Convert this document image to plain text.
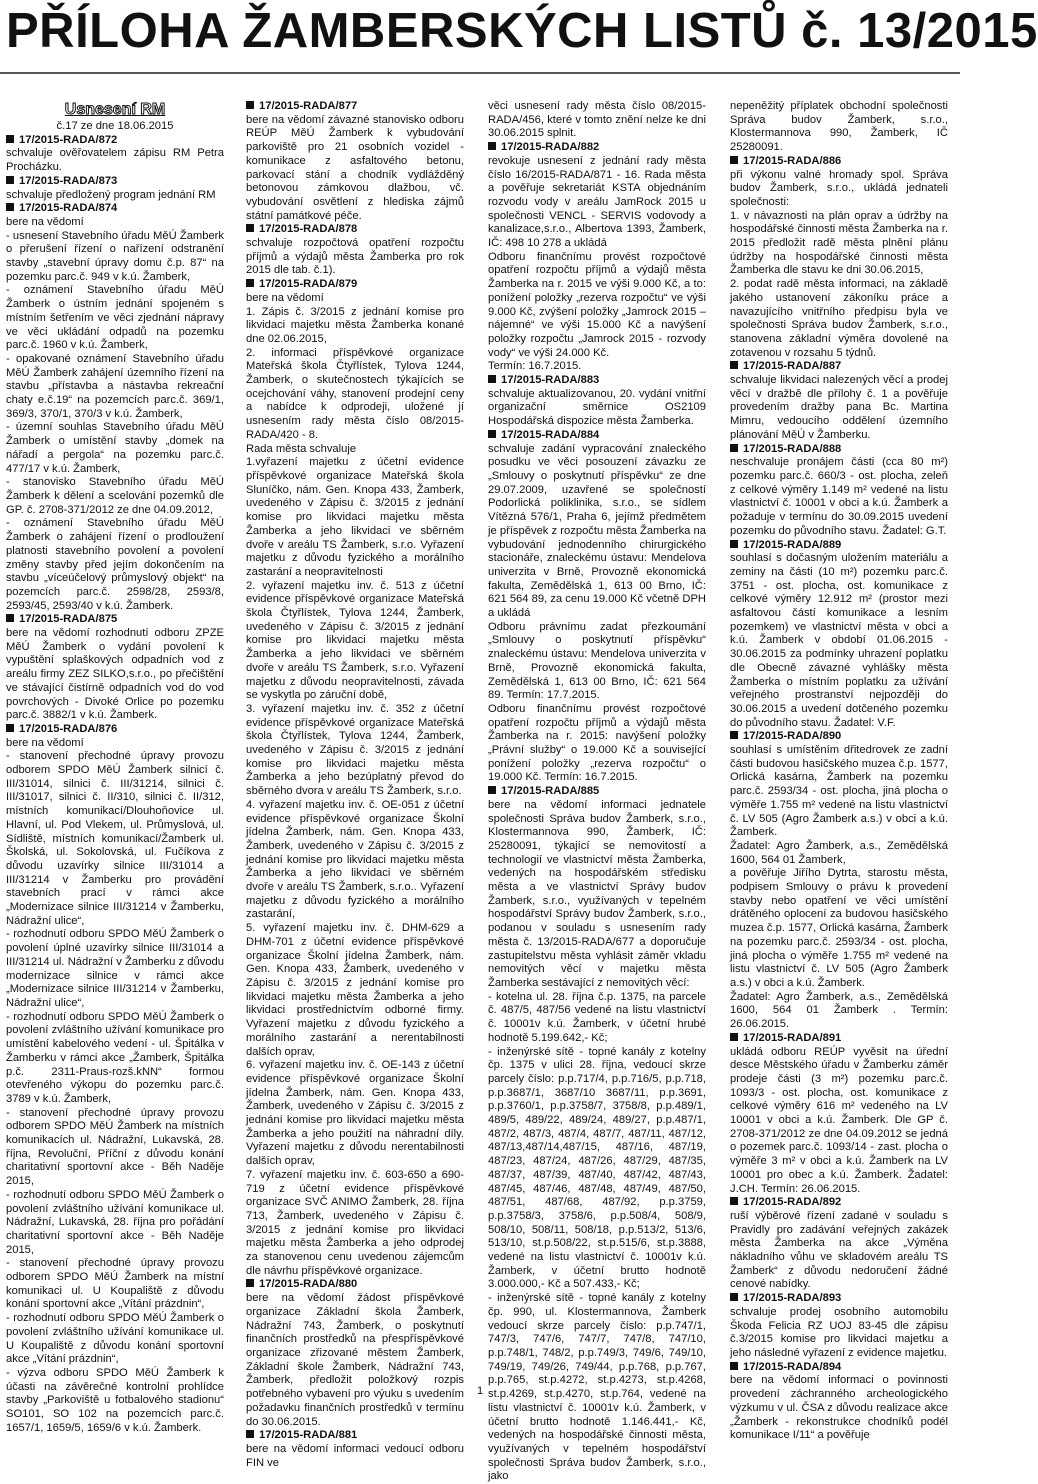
PŘÍLOHA ŽAMBERSKÝCH LISTŮ č. 13/2015
Usnesení RM
č.17 ze dne 18.06.2015

17/2015-RADA/872

schvaluje ověřovatelem zápisu RM Petra Procházku.

17/2015-RADA/873

schvaluje předložený program jednání RM

17/2015-RADA/874

bere na vědomí

- usnesení Stavebního úřadu MěÚ Žamberk o přerušení řízení o nařízení odstranění stavby „stavební úpravy domu č.p. 87“ na pozemku parc.č. 949 v k.ú. Žamberk,

- oznámení Stavebního úřadu MěÚ Žamberk o ústním jednání spojeném s místním šetřením ve věci zjednání nápravy ve věci ukládání odpadů na pozemku parc.č. 1960 v k.ú. Žamberk,

- opakované oznámení Stavebního úřadu MěÚ Žamberk zahájení územního řízení na stavbu „přístavba a nástavba rekreační chaty e.č.19“ na pozemcích parc.č. 369/1, 369/3, 370/1, 370/3 v k.ú. Žamberk,

- územní souhlas Stavebního úřadu MěÚ Žamberk o umístění stavby „domek na nářadí a pergola“ na pozemku parc.č. 477/17 v k.ú. Žamberk,

- stanovisko Stavebního úřadu MěÚ Žamberk k dělení a scelování pozemků dle GP. č. 2708-371/2012 ze dne 04.09.2012,

- oznámení Stavebního úřadu MěÚ Žamberk o zahájení řízení o prodloužení platnosti stavebního povolení a povolení změny stavby před jejím dokončením na stavbu „víceúčelový průmyslový objekt“ na pozemcích parc.č. 2598/28, 2593/8, 2593/45, 2593/40 v k.ú. Žamberk.

17/2015-RADA/875

bere na vědomí rozhodnutí odboru ZPZE MěÚ Žamberk o vydání povolení k vypuštění splaškových odpadních vod z areálu firmy ZEZ SILKO,s.r.o., po přečištění ve stávající čistírně odpadních vod do vod povrchových - Divoké Orlice po pozemku parc.č. 3882/1 v k.ú. Žamberk.

17/2015-RADA/876

bere na vědomí

- stanovení přechodné úpravy provozu odborem SPDO MěÚ Žamberk silnicí č. III/31014, silnici č. III/31214, silnici č. III/31017, silnici č. II/310, silnici č. II/312, místních komunikací/Dlouhoňovice ul. Hlavní, ul. Pod Vlekem, ul. Průmyslová, ul. Sídliště, místních komunikací/Žamberk ul. Školská, ul. Sokolovská, ul. Fučíkova z důvodu uzavírky silnice III/31014 a III/31214 v Žamberku pro provádění stavebních prací v rámci akce „Modernizace silnice III/31214 v Žamberku, Nádražní ulice“,

- rozhodnutí odboru SPDO MěÚ Žamberk o povolení úplné uzavírky silnice III/31014 a III/31214 ul. Nádražní v Žamberku z důvodu modernizace silnice v rámci akce „Modernizace silnice III/31214 v Žamberku, Nádražní ulice“,

- rozhodnutí odboru SPDO MěÚ Žamberk o povolení zvláštního užívání komunikace pro umístění kabelového vedení - ul. Špitálka v Žamberku v rámci akce „Žamberk, Špitálka p.č. 2311-Praus-rozš.kNN“ formou otevřeného výkopu do pozemku parc.č. 3789 v k.ú. Žamberk,

- stanovení přechodné úpravy provozu odborem SPDO MěÚ Žamberk na místních komunikacích ul. Nádražní, Lukavská, 28. října, Revoluční, Příční z důvodu konání charitativní sportovní akce - Běh Naděje 2015,

- rozhodnutí odboru SPDO MěÚ Žamberk o povolení zvláštního užívání komunikace ul. Nádražní, Lukavská, 28. října pro pořádání charitativní sportovní akce - Běh Naděje 2015,

- stanovení přechodné úpravy provozu odborem SPDO MěÚ Žamberk na místní komunikaci ul. U Koupaliště z důvodu konání sportovní akce „Vítání prázdnin“,

- rozhodnutí odboru SPDO MěÚ Žamberk o povolení zvláštního užívání komunikace ul. U Koupaliště z důvodu konání sportovní akce „Vítání prázdnin“,

- výzva odboru SPDO MěÚ Žamberk k účasti na závěrečné kontrolní prohlídce stavby „Parkoviště u fotbalového stadionu“ SO101, SO 102 na pozemcích parc.č. 1657/1, 1659/5, 1659/6 v k.ú. Žamberk.

17/2015-RADA/877

bere na vědomí závazné stanovisko odboru REÚP MěÚ Žamberk k vybudování parkoviště pro 21 osobních vozidel - komunikace z asfaltového betonu, parkovací stání a chodník vydlážděný betonovou zámkovou dlažbou, vč. vybudování osvětlení z hlediska zájmů státní památkové péče.

17/2015-RADA/878

schvaluje rozpočtová opatření rozpočtu příjmů a výdajů města Žamberka pro rok 2015 dle tab. č.1).

17/2015-RADA/879

bere na vědomí

1. Zápis č. 3/2015 z jednání komise pro likvidaci majetku města Žamberka konané dne 02.06.2015,

2. informaci příspěvkové organizace Mateřská škola Čtyřlístek, Tylova 1244, Žamberk, o skutečnostech týkajících se ocejchování váhy, stanovení prodejní ceny a nabídce k odprodeji, uložené jí usnesením rady města číslo 08/2015-RADA/420 - 8.

Rada města schvaluje

1.vyřazení majetku z účetní evidence příspěvkové organizace Mateřská škola Sluníčko, nám. Gen. Knopa 433, Žamberk, uvedeného v Zápisu č. 3/2015 z jednání komise pro likvidaci majetku města Žamberka a jeho likvidaci ve sběrném dvoře v areálu TS Žamberk, s.r.o. Vyřazení majetku z důvodu fyzického a morálního zastarání a neopravitelnosti

2. vyřazení majetku inv. č. 513 z účetní evidence příspěvkové organizace Mateřská škola Čtyřlístek, Tylova 1244, Žamberk, uvedeného v Zápisu č. 3/2015 z jednání komise pro likvidaci majetku města Žamberka a jeho likvidaci ve sběrném dvoře v areálu TS Žamberk, s.r.o. Vyřazení majetku z důvodu neopravitelnosti, závada se vyskytla po záruční době,

3. vyřazení majetku inv. č. 352 z účetní evidence příspěvkové organizace Mateřská škola Čtyřlístek, Tylova 1244, Žamberk, uvedeného v Zápisu č. 3/2015 z jednání komise pro likvidaci majetku města Žamberka a jeho bezúplatný převod do sběrného dvora v areálu TS Žamberk, s.r.o.

4. vyřazení majetku inv. č. OE-051 z účetní evidence příspěvkové organizace Školní jídelna Žamberk, nám. Gen. Knopa 433, Žamberk, uvedeného v Zápisu č. 3/2015 z jednání komise pro likvidaci majetku města Žamberka a jeho likvidaci ve sběrném dvoře v areálu TS Žamberk, s.r.o.. Vyřazení majetku z důvodu fyzického a morálního zastarání,

5. vyřazení majetku inv. č. DHM-629 a DHM-701 z účetní evidence příspěvkové organizace Školní jídelna Žamberk, nám. Gen. Knopa 433, Žamberk, uvedeného v Zápisu č. 3/2015 z jednání komise pro likvidaci majetku města Žamberka a jeho likvidaci prostřednictvím odborné firmy. Vyřazení majetku z důvodu fyzického a morálního zastarání a nerentabilnosti dalších oprav,

6. vyřazení majetku inv. č. OE-143 z účetní evidence příspěvkové organizace Školní jídelna Žamberk, nám. Gen. Knopa 433, Žamberk, uvedeného v Zápisu č. 3/2015 z jednání komise pro likvidaci majetku města Žamberka a jeho použití na náhradní díly. Vyřazení majetku z důvodu nerentabilnosti dalších oprav,

7. vyřazení majetku inv. č. 603-650 a 690-719 z účetní evidence příspěvkové organizace SVČ ANIMO Žamberk, 28. října 713, Žamberk, uvedeného v Zápisu č. 3/2015 z jednání komise pro likvidaci majetku města Žamberka a jeho odprodej za stanovenou cenu uvedenou zájemcům dle návrhu příspěvkové organizace.

17/2015-RADA/880

bere na vědomí žádost příspěvkové organizace Základní škola Žamberk, Nádražní 743, Žamberk, o poskytnutí finančních prostředků na přespříspěvkové organizace zřizované městem Žamberk, Základní škole Žamberk, Nádražní 743, Žamberk, předložit položkový rozpis potřebného vybavení pro výuku s uvedením požadavku finančních prostředků v termínu do 30.06.2015.

17/2015-RADA/881

bere na vědomí informaci vedoucí odboru FIN ve

věci usnesení rady města číslo 08/2015-RADA/456, které v tomto znění nelze ke dni 30.06.2015 splnit.

17/2015-RADA/882

revokuje usnesení z jednání rady města číslo 16/2015-RADA/871 - 16. Rada města a pověřuje sekretariát KSTA objednáním rozvodu vody v areálu JamRock 2015 u společnosti VENCL - SERVIS vodovody a kanalizace,s.r.o., Albertova 1393, Žamberk, IČ: 498 10 278 a ukládá

Odboru finančnímu provést rozpočtové opatření rozpočtu příjmů a výdajů města Žamberka na r. 2015 ve výši 9.000 Kč, a to: ponížení položky „rezerva rozpočtu“ ve výši 9.000 Kč, zvýšení položky „Jamrock 2015 – nájemné“ ve výši 15.000 Kč a navýšení položky rozpočtu „Jamrock 2015 - rozvody vody“ ve výši 24.000 Kč.

Termín: 16.7.2015.

17/2015-RADA/883

schvaluje aktualizovanou, 20. vydání vnitřní organizační směrnice OS2109 Hospodářská dispozice města Žamberka.

17/2015-RADA/884

schvaluje zadání vypracování znaleckého posudku ve věci posouzení závazku ze „Smlouvy o poskytnutí příspěvku“ ze dne 29.07.2009, uzavřené se společností Podorlická poliklinika, s.r.o., se sídlem Vítězná 576/1, Praha 6, jejímž předmětem je příspěvek z rozpočtu města Žamberka na vybudování jednodenního chirurgického stacionáře, znaleckému ústavu: Mendelova univerzita v Brně, Provozně ekonomická fakulta, Zemědělská 1, 613 00 Brno, IČ: 621 564 89, za cenu 19.000 Kč včetně DPH a ukládá

Odboru právnímu zadat přezkoumání „Smlouvy o poskytnutí příspěvku“ znaleckému ústavu: Mendelova univerzita v Brně, Provozně ekonomická fakulta, Zemědělská 1, 613 00 Brno, IČ: 621 564 89. Termín: 17.7.2015.

Odboru finančnímu provést rozpočtové opatření rozpočtu příjmů a výdajů města Žamberka na r. 2015: navýšení položky „Právní služby“ o 19.000 Kč a související ponížení položky „rezerva rozpočtu“ o 19.000 Kč. Termín: 16.7.2015.

17/2015-RADA/885

bere na vědomí informaci jednatele společnosti Správa budov Žamberk, s.r.o., Klostermannova 990, Žamberk, IČ: 25280091, týkající se nemovitostí a technologií ve vlastnictví města Žamberka, vedených na hospodářském středisku města a ve vlastnictví Správy budov Žamberk, s.r.o., využívaných v tepelném hospodářství Správy budov Žamberk, s.r.o., podanou v souladu s usnesením rady města č. 13/2015-RADA/677 a doporučuje zastupitelstvu města vyhlásit záměr vkladu nemovitých věcí v majetku města Žamberka sestávající z nemovitých věcí:

- kotelna ul. 28. října č.p. 1375, na parcele č. 487/5, 487/56 vedené na listu vlastnictví č. 10001v k.ú. Žamberk, v účetní hrubé hodnotě 5.199.642,- Kč;

- inženýrské sítě - topné kanály z kotelny čp. 1375 v ulici 28. října, vedoucí skrze parcely číslo: p.p.717/4, p.p.716/5, p.p.718, p.p.3687/1, 3687/10 3687/11, p.p.3691, p.p.3760/1, p.p.3758/7, 3758/8, p.p.489/1, 489/5, 489/22, 489/24, 489/27, p.p.487/1, 487/2, 487/3, 487/4, 487/7, 487/11, 487/12, 487/13,487/14,487/15, 487/16, 487/19, 487/23, 487/24, 487/26, 487/29, 487/35, 487/37, 487/39, 487/40, 487/42, 487/43, 487/45, 487/46, 487/48, 487/49, 487/50, 487/51, 487/68, 487/92, p.p.3759, p.p.3758/3, 3758/6, p.p.508/4, 508/9, 508/10, 508/11, 508/18, p.p.513/2, 513/6, 513/10, st.p.508/22, st.p.515/6, st.p.3888, vedené na listu vlastnictví č. 10001v k.ú. Žamberk, v účetní brutto hodnotě 3.000.000,- Kč a 507.433,- Kč;

- inženýrské sítě - topné kanály z kotelny čp. 990, ul. Klostermannova, Žamberk vedoucí skrze parcely číslo: p.p.747/1, 747/3, 747/6, 747/7, 747/8, 747/10, p.p.748/1, 748/2, p.p.749/3, 749/6, 749/10, 749/19, 749/26, 749/44, p.p.768, p.p.767, p.p.765, st.p.4272, st.p.4273, st.p.4268, st.p.4269, st.p.4270, st.p.764, vedené na listu vlastnictví č. 10001v k.ú. Žamberk, v účetní brutto hodnotě 1.146.441,- Kč, vedených na hospodářské činnosti města, využívaných v tepelném hospodářství společnosti Správa budov Žamberk, s.r.o., jako

nepeněžitý příplatek obchodní společnosti Správa budov Žamberk, s.r.o., Klostermannova 990, Žamberk, IČ 25280091.

17/2015-RADA/886

při výkonu valné hromady spol. Správa budov Žamberk, s.r.o., ukládá jednateli společnosti:

1. v návaznosti na plán oprav a údržby na hospodářské činnosti města Žamberka na r. 2015 předložit radě města plnění plánu údržby na hospodářské činnosti města Žamberka dle stavu ke dni 30.06.2015,

2. podat radě města informaci, na základě jakého ustanovení zákoníku práce a navazujícího vnitřního předpisu byla ve společnosti Správa budov Žamberk, s.r.o., stanovena základní výměra dovolené na zotavenou v rozsahu 5 týdnů.

17/2015-RADA/887

schvaluje likvidaci nalezených věcí a prodej věcí v dražbě dle přílohy č. 1 a pověřuje provedením dražby pana Bc. Martina Mimru, vedoucího oddělení územního plánování MěÚ v Žamberku.

17/2015-RADA/888

neschvaluje pronájem části (cca 80 m²) pozemku parc.č. 660/3 - ost. plocha, zeleň z celkové výměry 1.149 m² vedené na listu vlastnictví č. 10001 v obci a k.ú. Žamberk a požaduje v termínu do 30.09.2015 uvedení pozemku do původního stavu. Žadatel: G.T.

17/2015-RADA/889

souhlasí s dočasným uložením materiálu a zeminy na části (10 m²) pozemku parc.č. 3751 - ost. plocha, ost. komunikace z celkové výměry 12.912 m² (prostor mezi asfaltovou částí komunikace a lesním pozemkem) ve vlastnictví města v obci a k.ú. Žamberk v období 01.06.2015 - 30.06.2015 za podmínky uhrazení poplatku dle Obecně závazné vyhlášky města Žamberka o místním poplatku za užívání veřejného prostranství nejpozději do 30.06.2015 a uvedení dotčeného pozemku do původního stavu. Žadatel: V.F.

17/2015-RADA/890

souhlasí s umístěním dřitedrovek ze zadní části budovou hasičského muzea č.p. 1577, Orlická kasárna, Žamberk na pozemku parc.č. 2593/34 - ost. plocha, jiná plocha o výměře 1.755 m² vedené na listu vlastnictví č. LV 505 (Agro Žamberk a.s.) v obci a k.ú. Žamberk.

Žadatel: Agro Žamberk, a.s., Zemědělská 1600, 564 01 Žamberk,

a pověřuje Jiřího Dytrta, starostu města, podpisem Smlouvy o právu k provedení stavby nebo opatření ve věci umístění drátěného oplocení za budovou hasičského muzea č.p. 1577, Orlická kasárna, Žamberk na pozemku parc.č. 2593/34 - ost. plocha, jiná plocha o výměře 1.755 m² vedené na listu vlastnictví č. LV 505 (Agro Žamberk a.s.) v obci a k.ú. Žamberk.

Žadatel: Agro Žamberk, a.s., Zemědělská 1600, 564 01 Žamberk . Termín: 26.06.2015.

17/2015-RADA/891

ukládá odboru REÚP vyvěsit na úřední desce Městského úřadu v Žamberku záměr prodeje části (3 m²) pozemku parc.č. 1093/3 - ost. plocha, ost. komunikace z celkové výměry 616 m² vedeného na LV 10001 v obci a k.ú. Žamberk. Dle GP č. 2708-371/2012 ze dne 04.09.2012 se jedná o pozemek parc.č. 1093/14 - zast. plocha o výměře 3 m² v obci a k.ú. Žamberk na LV 10001 pro obec a k.ú. Žamberk. Žadatel: J.CH. Termín: 26.06.2015.

17/2015-RADA/892

ruší výběrové řízení zadané v souladu s Pravidly pro zadávání veřejných zakázek města Žamberka na akce „Výměna nákladního vůhu ve skladovém areálu TS Žamberk“ z důvodu nedoručení žádné cenové nabídky.

17/2015-RADA/893

schvaluje prodej osobního automobilu Škoda Felicia RZ UOJ 83-45 dle zápisu č.3/2015 komise pro likvidaci majetku a jeho následné vyřazení z evidence majetku.

17/2015-RADA/894

bere na vědomí informaci o povinnosti provedení záchranného archeologického výzkumu v ul. ČSA z důvodu realizace akce „Žamberk - rekonstrukce chodníků podél komunikace I/11“ a pověřuje

1
